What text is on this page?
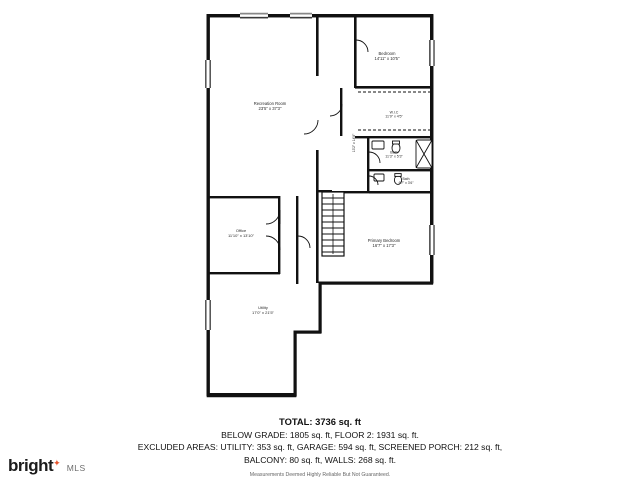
Recreation Room
23'5" x 37'3"
Bedroom
14'11" x 10'5"
W.I.C
11'9" x 4'5"
Bath
11'3" x 5'3"
Bath
6'7" x 3'6"
Office
11'10" x 13'10"
Utility
17'0" x 21'5"
Primary Bedroom
16'7" x 17'3"
13'2" x 14'8"
TOTAL: 3736 sq. ft
BELOW GRADE: 1805 sq. ft, FLOOR 2: 1931 sq. ft.
EXCLUDED AREAS: UTILITY: 353 sq. ft, GARAGE: 594 sq. ft, SCREENED PORCH: 212 sq. ft,
BALCONY: 80 sq. ft, WALLS: 268 sq. ft.
Measurements Deemed Highly Reliable But Not Guaranteed.
bright ✦ MLS
